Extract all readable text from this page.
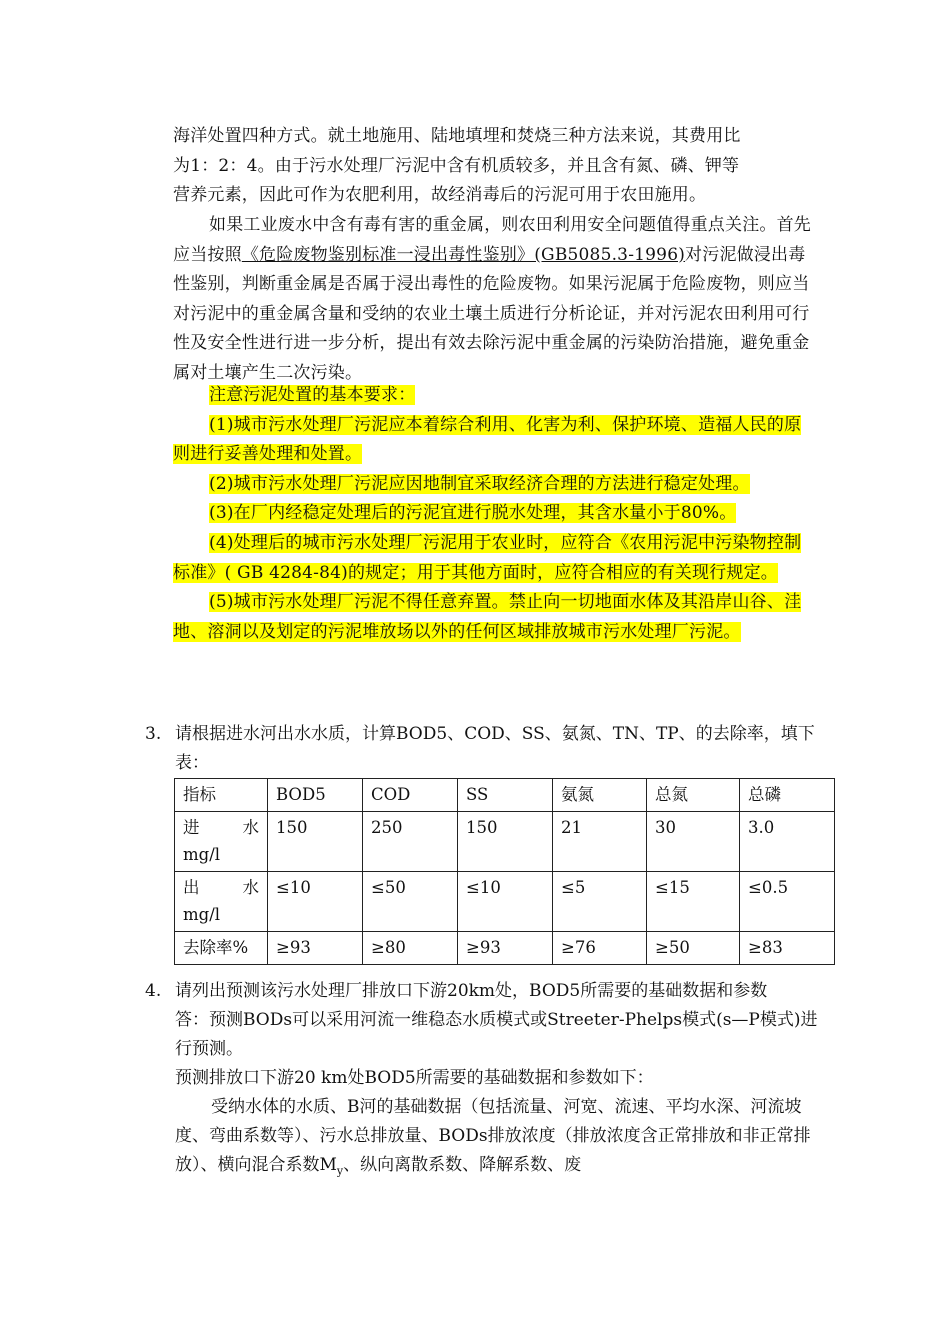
海洋处置四种方式。就土地施用、陆地填埋和焚烧三种方法来说，其费用比

为1：2：4。由于污水处理厂污泥中含有机质较多，并且含有氮、磷、钾等

营养元素，因此可作为农肥利用，故经消毒后的污泥可用于农田施用。

如果工业废水中含有毒有害的重金属，则农田利用安全问题值得重点关注。首先应当按照《危险废物鉴别标准一浸出毒性鉴别》(GB5085.3-1996)对污泥做浸出毒性鉴别，判断重金属是否属于浸出毒性的危险废物。如果污泥属于危险废物，则应当对污泥中的重金属含量和受纳的农业土壤土质进行分析论证，并对污泥农田利用可行性及安全性进行进一步分析，提出有效去除污泥中重金属的污染防治措施，避免重金属对土壤产生二次污染。

注意污泥处置的基本要求：

(1)城市污水处理厂污泥应本着综合利用、化害为利、保护环境、造福人民的原则进行妥善处理和处置。

(2)城市污水处理厂污泥应因地制宜采取经济合理的方法进行稳定处理。

(3)在厂内经稳定处理后的污泥宜进行脱水处理，其含水量小于80%。

(4)处理后的城市污水处理厂污泥用于农业时，应符合《农用污泥中污染物控制标准》( GB 4284-84)的规定；用于其他方面时，应符合相应的有关现行规定。

(5)城市污水处理厂污泥不得任意弃置。禁止向一切地面水体及其沿岸山谷、洼地、溶洞以及划定的污泥堆放场以外的任何区域排放城市污水处理厂污泥。

3. 请根据进水河出水水质，计算BOD5、COD、SS、氨氮、TN、TP、的去除率，填下表：
指标	BOD5	COD	SS	氨氮	总氮	总磷

进 水
mg/l	150	250	150	21	30	3.0

出 水
mg/l	≤10	≤50	≤10	≤5	≤15	≤0.5
去除率%	≥93	≥80	≥93	≥76	≥50	≥83
4. 请列出预测该污水处理厂排放口下游20km处，BOD5所需要的基础数据和参数
答：预测BODs可以采用河流一维稳态水质模式或Streeter-Phelps模式(s—P模式)进行预测。
预测排放口下游20 km处BOD5所需要的基础数据和参数如下：
受纳水体的水质、B河的基础数据（包括流量、河宽、流速、平均水深、河流坡度、弯曲系数等）、污水总排放量、BODs排放浓度（排放浓度含正常排放和非正常排放）、横向混合系数$M_y$、纵向离散系数、降解系数、废
